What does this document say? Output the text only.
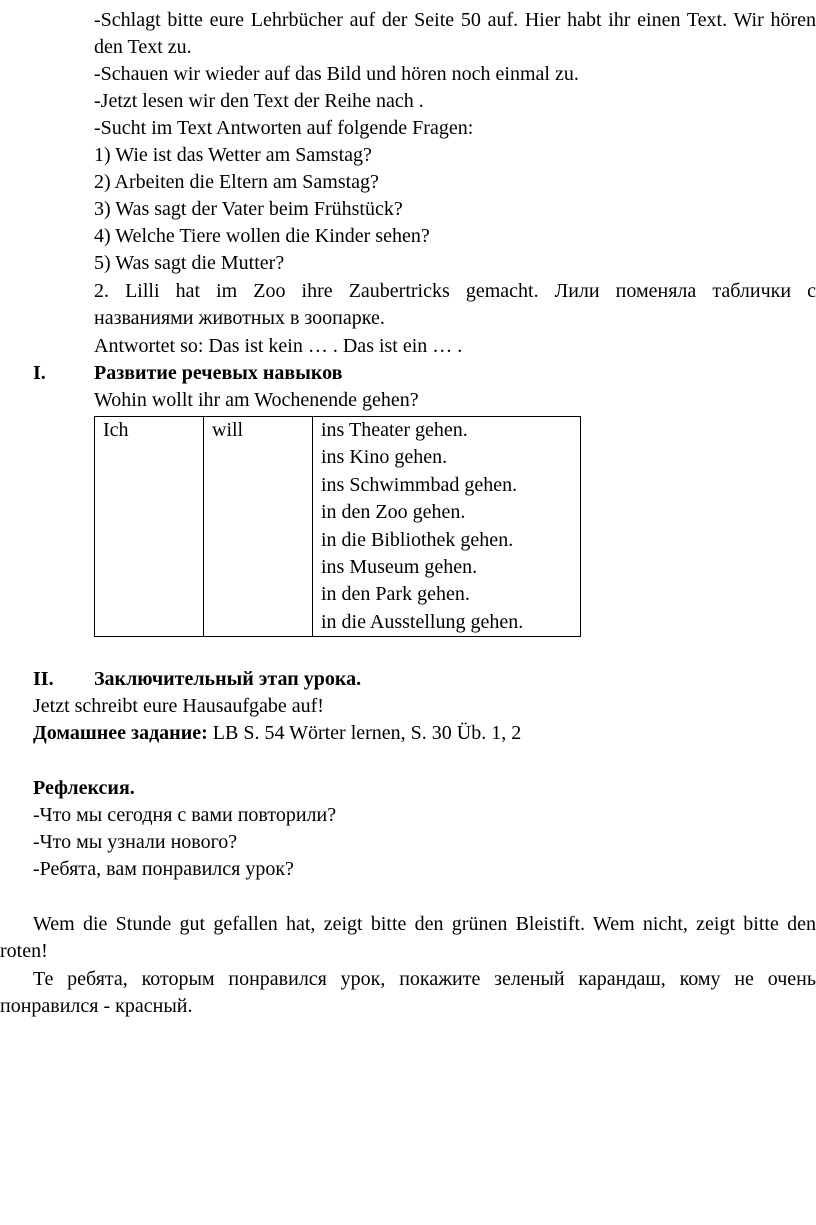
-Schlagt bitte eure Lehrbücher auf der Seite 50 auf. Hier habt ihr einen Text. Wir hören
den Text zu.
-Schauen wir wieder auf das Bild und hören noch einmal zu.
-Jetzt lesen wir den Text der Reihe nach .
-Sucht im Text Antworten auf folgende Fragen:
1) Wie ist das Wetter am Samstag?
2) Arbeiten die Eltern am Samstag?
3) Was sagt der Vater beim Frühstück?
4) Welche Tiere wollen die Kinder sehen?
5) Was sagt die Mutter?
2. Lilli hat im Zoo ihre Zaubertricks gemacht. Лили поменяла таблички с
названиями животных в зоопарке.
Antwortet so: Das ist kein … . Das ist ein … .
I. Развитие речевых навыков
Wohin wollt ihr am Wochenende gehen?
Ich	will	ins Theater gehen.
ins Kino gehen.
ins Schwimmbad gehen.
in den Zoo gehen.
in die Bibliothek gehen.
ins Museum gehen.
in den Park gehen.
in die Ausstellung gehen.
II. Заключительный этап урока.
Jetzt schreibt eure Hausaufgabe auf!
Домашнее задание: LB S. 54 Wörter lernen, S. 30 Üb. 1, 2
Рефлексия.
-Что мы сегодня с вами повторили?
-Что мы узнали нового?
-Ребята, вам понравился урок?
Wem die Stunde gut gefallen hat, zeigt bitte den grünen Bleistift. Wem nicht, zeigt bitte den
roten!
Те ребята, которым понравился урок, покажите зеленый карандаш, кому не очень
понравился - красный.
